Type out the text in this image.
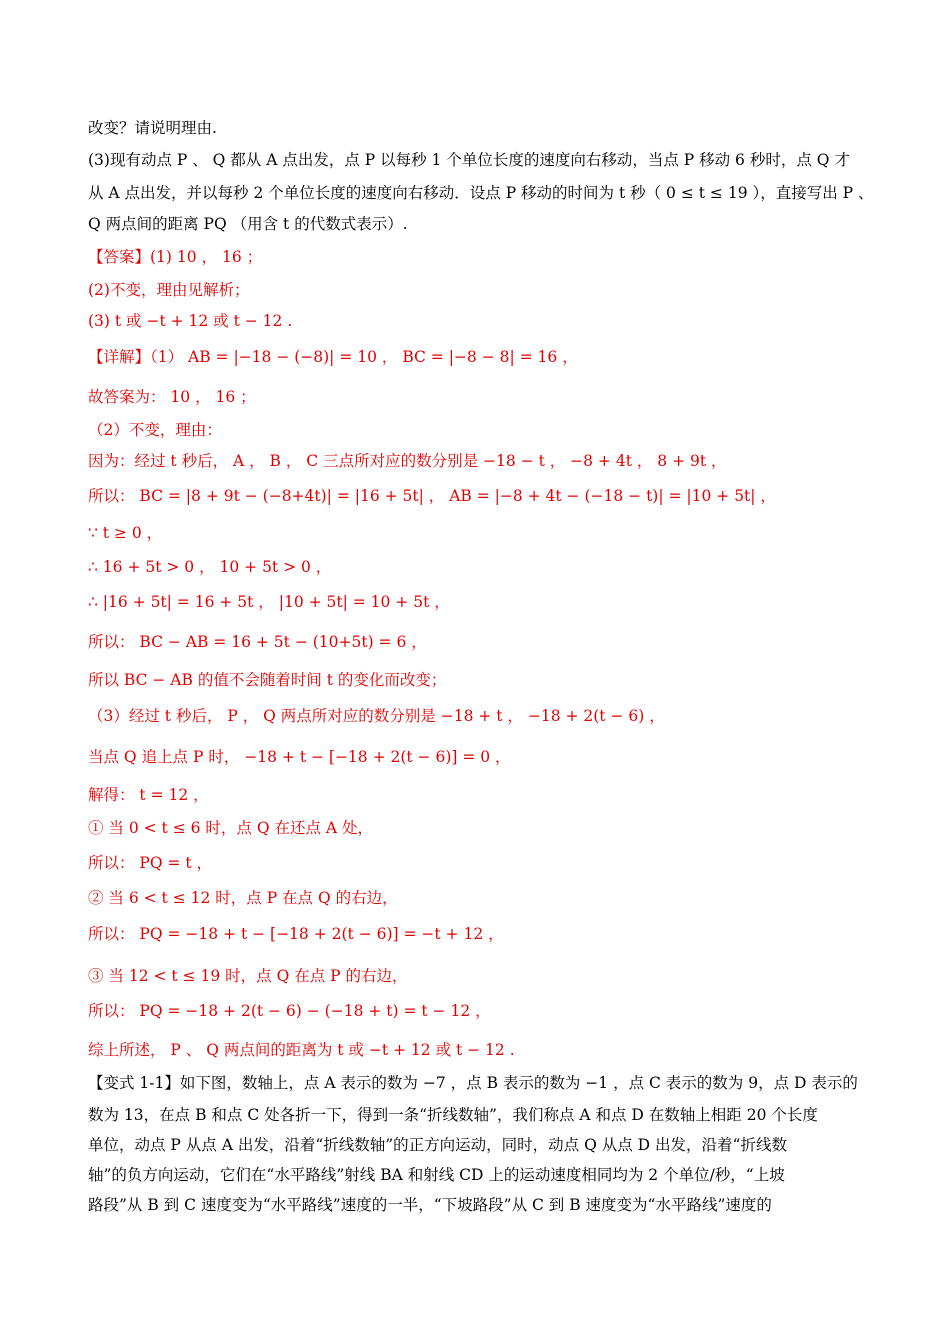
改变？请说明理由.
(3)现有动点 P 、 Q 都从 A 点出发，点 P 以每秒 1 个单位长度的速度向右移动，当点 P 移动 6 秒时，点 Q 才
从 A 点出发，并以每秒 2 个单位长度的速度向右移动．设点 P 移动的时间为 t 秒（ 0 ≤ t ≤ 19 ），直接写出 P 、
Q 两点间的距离 PQ （用含 t 的代数式表示）.
【答案】(1) 10 ， 16 ；
(2)不变，理由见解析；
(3) t 或 −t + 12 或 t − 12 .
【详解】（1） AB = |−18 − (−8)| = 10 ， BC = |−8 − 8| = 16 ，
故答案为： 10 ， 16 ；
（2）不变，理由：
因为：经过 t 秒后， A ， B ， C 三点所对应的数分别是 −18 − t ， −8 + 4t ， 8 + 9t ，
所以： BC = |8 + 9t − (−8+4t)| = |16 + 5t| ， AB = |−8 + 4t − (−18 − t)| = |10 + 5t| ，
∵ t ≥ 0 ，
∴ 16 + 5t > 0 ， 10 + 5t > 0 ，
∴ |16 + 5t| = 16 + 5t ， |10 + 5t| = 10 + 5t ，
所以： BC − AB = 16 + 5t − (10+5t) = 6 ，
所以 BC − AB 的值不会随着时间 t 的变化而改变；
（3）经过 t 秒后， P ， Q 两点所对应的数分别是 −18 + t ， −18 + 2(t − 6) ，
当点 Q 追上点 P 时， −18 + t − [−18 + 2(t − 6)] = 0 ，
解得： t = 12 ，
① 当 0 < t ≤ 6 时，点 Q 在还点 A 处，
所以： PQ = t ，
② 当 6 < t ≤ 12 时，点 P 在点 Q 的右边，
所以： PQ = −18 + t − [−18 + 2(t − 6)] = −t + 12 ，
③ 当 12 < t ≤ 19 时，点 Q 在点 P 的右边，
所以： PQ = −18 + 2(t − 6) − (−18 + t) = t − 12 ，
综上所述， P 、 Q 两点间的距离为 t 或 −t + 12 或 t − 12 .
【变式 1-1】如下图，数轴上，点 A 表示的数为 −7 ，点 B 表示的数为 −1 ，点 C 表示的数为 9，点 D 表示的
数为 13，在点 B 和点 C 处各折一下，得到一条“折线数轴”，我们称点 A 和点 D 在数轴上相距 20 个长度
单位，动点 P 从点 A 出发，沿着“折线数轴”的正方向运动，同时，动点 Q 从点 D 出发，沿着“折线数
轴”的负方向运动，它们在“水平路线”射线 BA 和射线 CD 上的运动速度相同均为 2 个单位/秒，“上坡
路段”从 B 到 C 速度变为“水平路线”速度的一半，“下坡路段”从 C 到 B 速度变为“水平路线”速度的
